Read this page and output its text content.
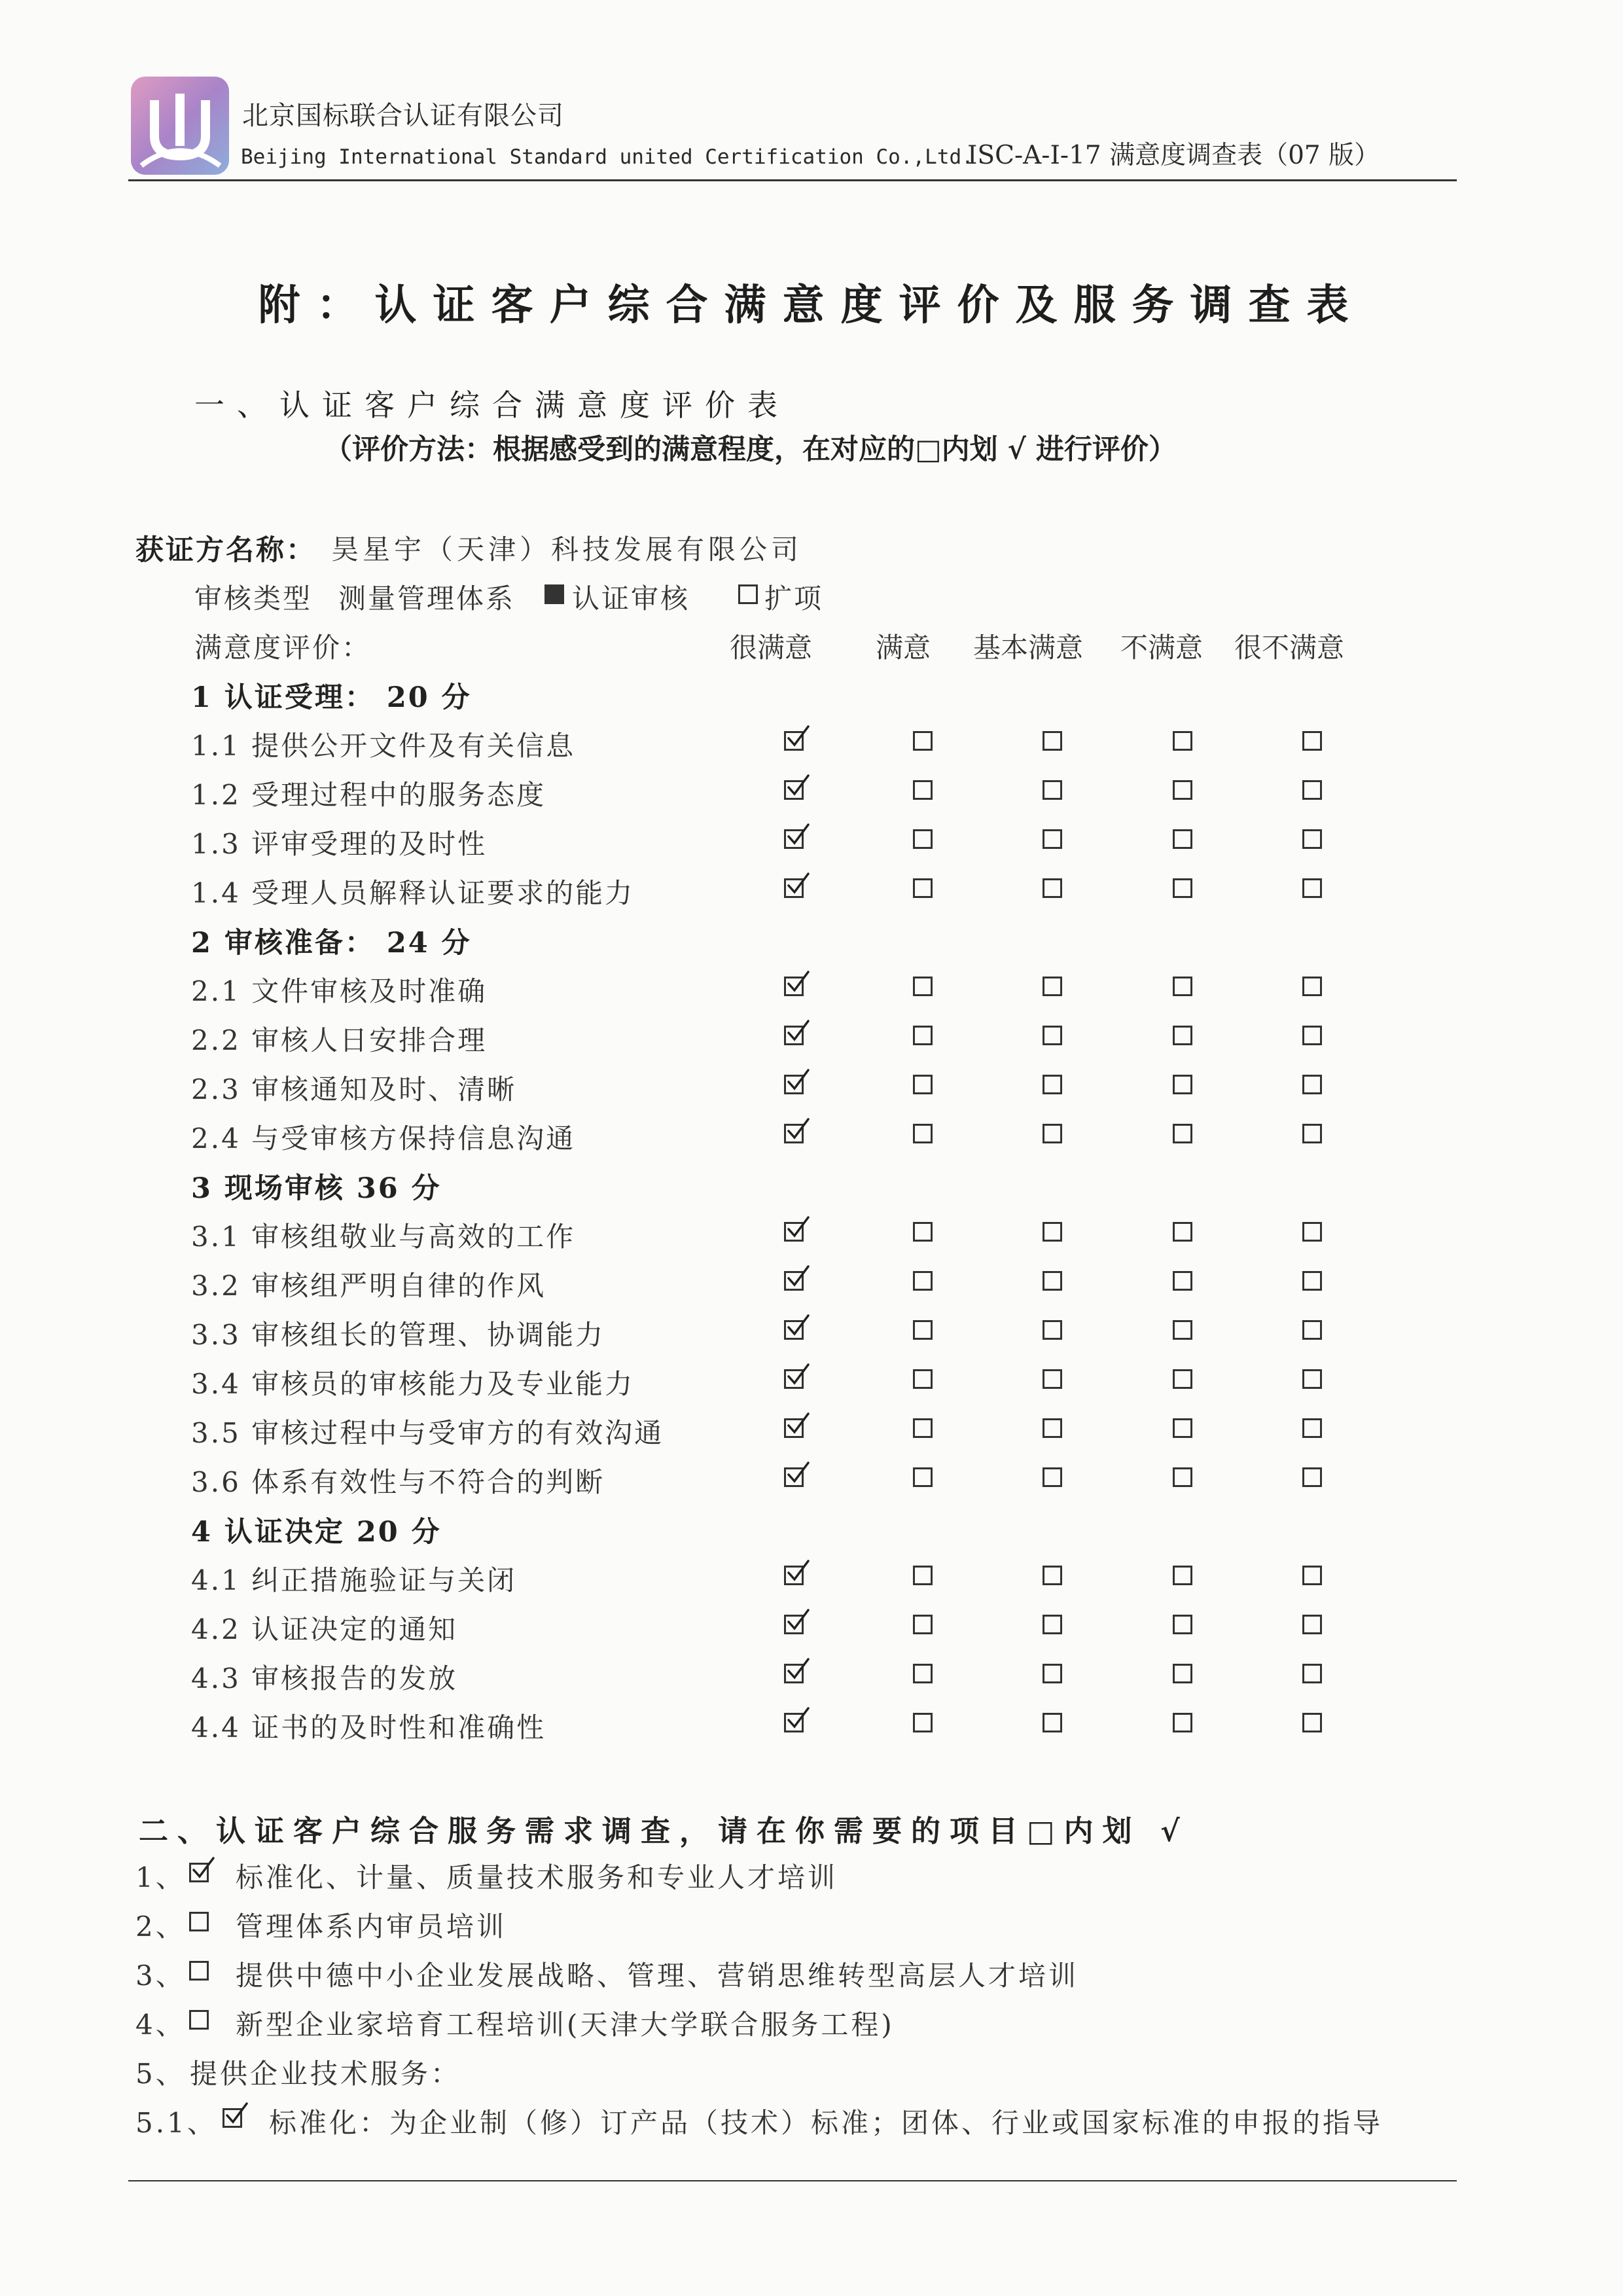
北京国标联合认证有限公司
Beijing International Standard united Certification Co.,Ltd.
ISC-A-I-17 满意度调查表（07 版）
附：认证客户综合满意度评价及服务调查表
一、认证客户综合满意度评价表
（评价方法：根据感受到的满意程度，在对应的□内划 √ 进行评价）
获证方名称： 昊星宇（天津）科技发展有限公司
审核类型 测量管理体系 认证审核	扩项
满意度评价：	很满意 满意 基本满意 不满意 很不满意
1 认证受理： 20 分
1.1 提供公开文件及有关信息
1.2 受理过程中的服务态度
1.3 评审受理的及时性
1.4 受理人员解释认证要求的能力
2 审核准备： 24 分
2.1 文件审核及时准确
2.2 审核人日安排合理
2.3 审核通知及时、清晰
2.4 与受审核方保持信息沟通
3 现场审核 36 分
3.1 审核组敬业与高效的工作
3.2 审核组严明自律的作风
3.3 审核组长的管理、协调能力
3.4 审核员的审核能力及专业能力
3.5 审核过程中与受审方的有效沟通
3.6 体系有效性与不符合的判断
4 认证决定 20 分
4.1 纠正措施验证与关闭
4.2 认证决定的通知
4.3 审核报告的发放
4.4 证书的及时性和准确性
二、认证客户综合服务需求调查，请在你需要的项目□内划 √
1、 标准化、计量、质量技术服务和专业人才培训
2、 管理体系内审员培训
3、 提供中德中小企业发展战略、管理、营销思维转型高层人才培训
4、 新型企业家培育工程培训(天津大学联合服务工程)
5、 提供企业技术服务：
5.1、 标准化：为企业制（修）订产品（技术）标准；团体、行业或国家标准的申报的指导
